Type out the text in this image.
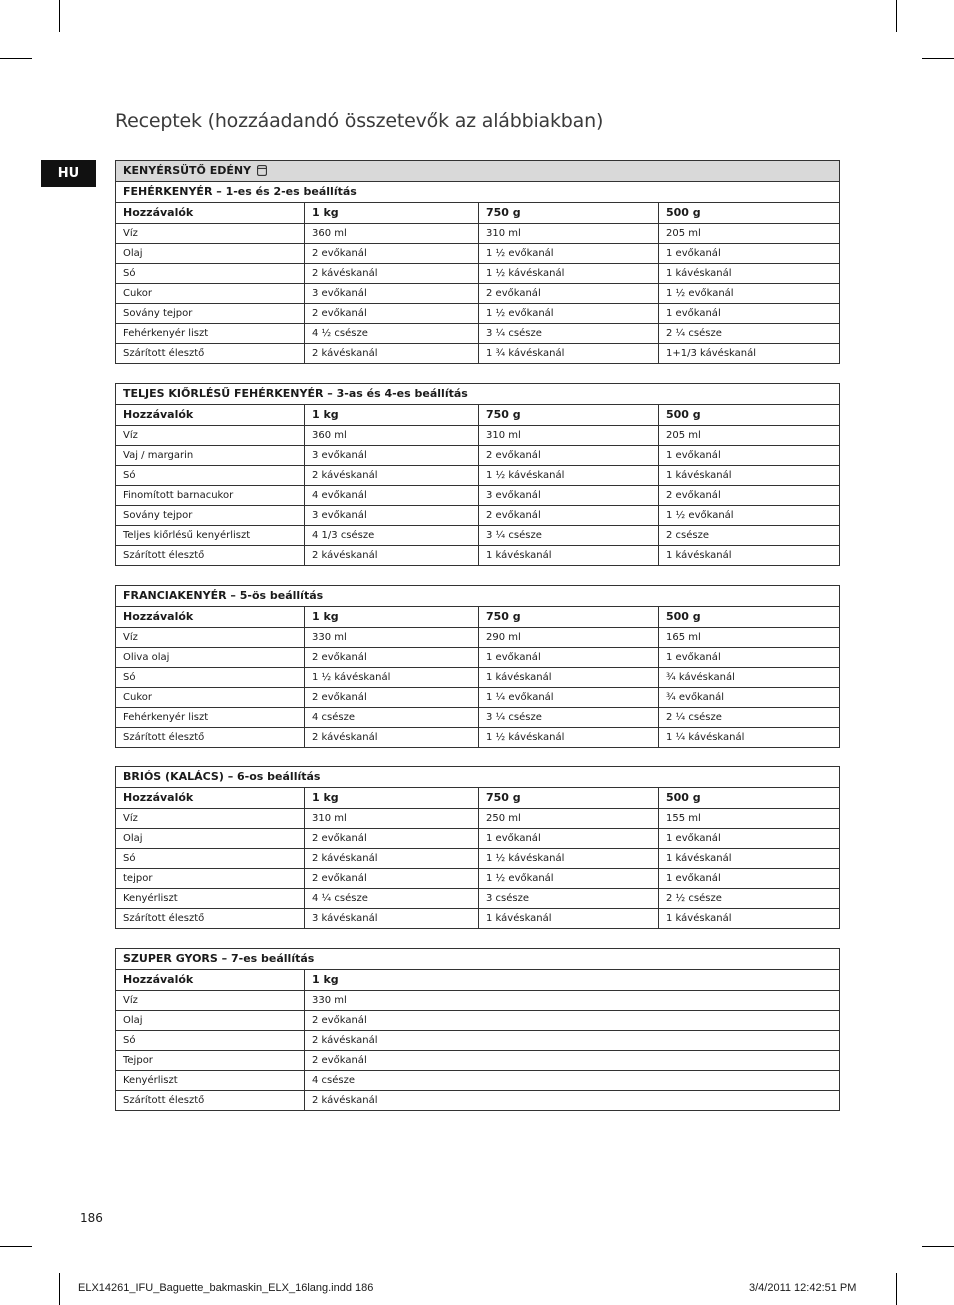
Receptek (hozzáadandó összetevők az alábbiakban)
HU	KENYÉRSÜTŐ EDÉNY			
FEHÉRKENYÉR – 1-es és 2-es beállítás			
Hozzávalók	1 kg	750 g	500 g
Víz	360 ml	310 ml	205 ml
Olaj	2 evőkanál	1 ½ evőkanál	1 evőkanál
Só	2 kávéskanál	1 ½ kávéskanál	1 kávéskanál
Cukor	3 evőkanál	2 evőkanál	1 ½ evőkanál
Sovány tejpor	2 evőkanál	1 ½ evőkanál	1 evőkanál
Fehérkenyér liszt	4 ½ csésze	3 ¼ csésze	2 ¼ csésze
Szárított élesztő	2 kávéskanál	1 ¾ kávéskanál	1+1/3 kávéskanál
TELJES KIŐRLÉSŰ FEHÉRKENYÉR – 3-as és 4-es beállítás			
Hozzávalók	1 kg	750 g	500 g
Víz	360 ml	310 ml	205 ml
Vaj / margarin	3 evőkanál	2 evőkanál	1 evőkanál
Só	2 kávéskanál	1 ½ kávéskanál	1 kávéskanál
Finomított barnacukor	4 evőkanál	3 evőkanál	2 evőkanál
Sovány tejpor	3 evőkanál	2 evőkanál	1 ½ evőkanál
Teljes kiőrlésű kenyérliszt	4 1/3 csésze	3 ¼ csésze	2 csésze
Szárított élesztő	2 kávéskanál	1 kávéskanál	1 kávéskanál
FRANCIAKENYÉR – 5-ös beállítás			
Hozzávalók	1 kg	750 g	500 g
Víz	330 ml	290 ml	165 ml
Oliva olaj	2 evőkanál	1 evőkanál	1 evőkanál
Só	1 ½ kávéskanál	1 kávéskanál	¾ kávéskanál
Cukor	2 evőkanál	1 ¼ evőkanál	¾ evőkanál
Fehérkenyér liszt	4 csésze	3 ¼ csésze	2 ¼ csésze
Szárított élesztő	2 kávéskanál	1 ½ kávéskanál	1 ¼ kávéskanál
BRIÓS (KALÁCS) – 6-os beállítás			
Hozzávalók	1 kg	750 g	500 g
Víz	310 ml	250 ml	155 ml
Olaj	2 evőkanál	1 evőkanál	1 evőkanál
Só	2 kávéskanál	1 ½ kávéskanál	1 kávéskanál
tejpor	2 evőkanál	1 ½ evőkanál	1 evőkanál
Kenyérliszt	4 ¼ csésze	3 csésze	2 ½ csésze
Szárított élesztő	3 kávéskanál	1 kávéskanál	1 kávéskanál
SZUPER GYORS – 7-es beállítás	
Hozzávalók	1 kg
Víz	330 ml
Olaj	2 evőkanál
Só	2 kávéskanál
Tejpor	2 evőkanál
Kenyérliszt	4 csésze
Szárított élesztő	2 kávéskanál
186
ELX14261_IFU_Baguette_bakmaskin_ELX_16lang.indd 186	3/4/2011 12:42:51 PM
